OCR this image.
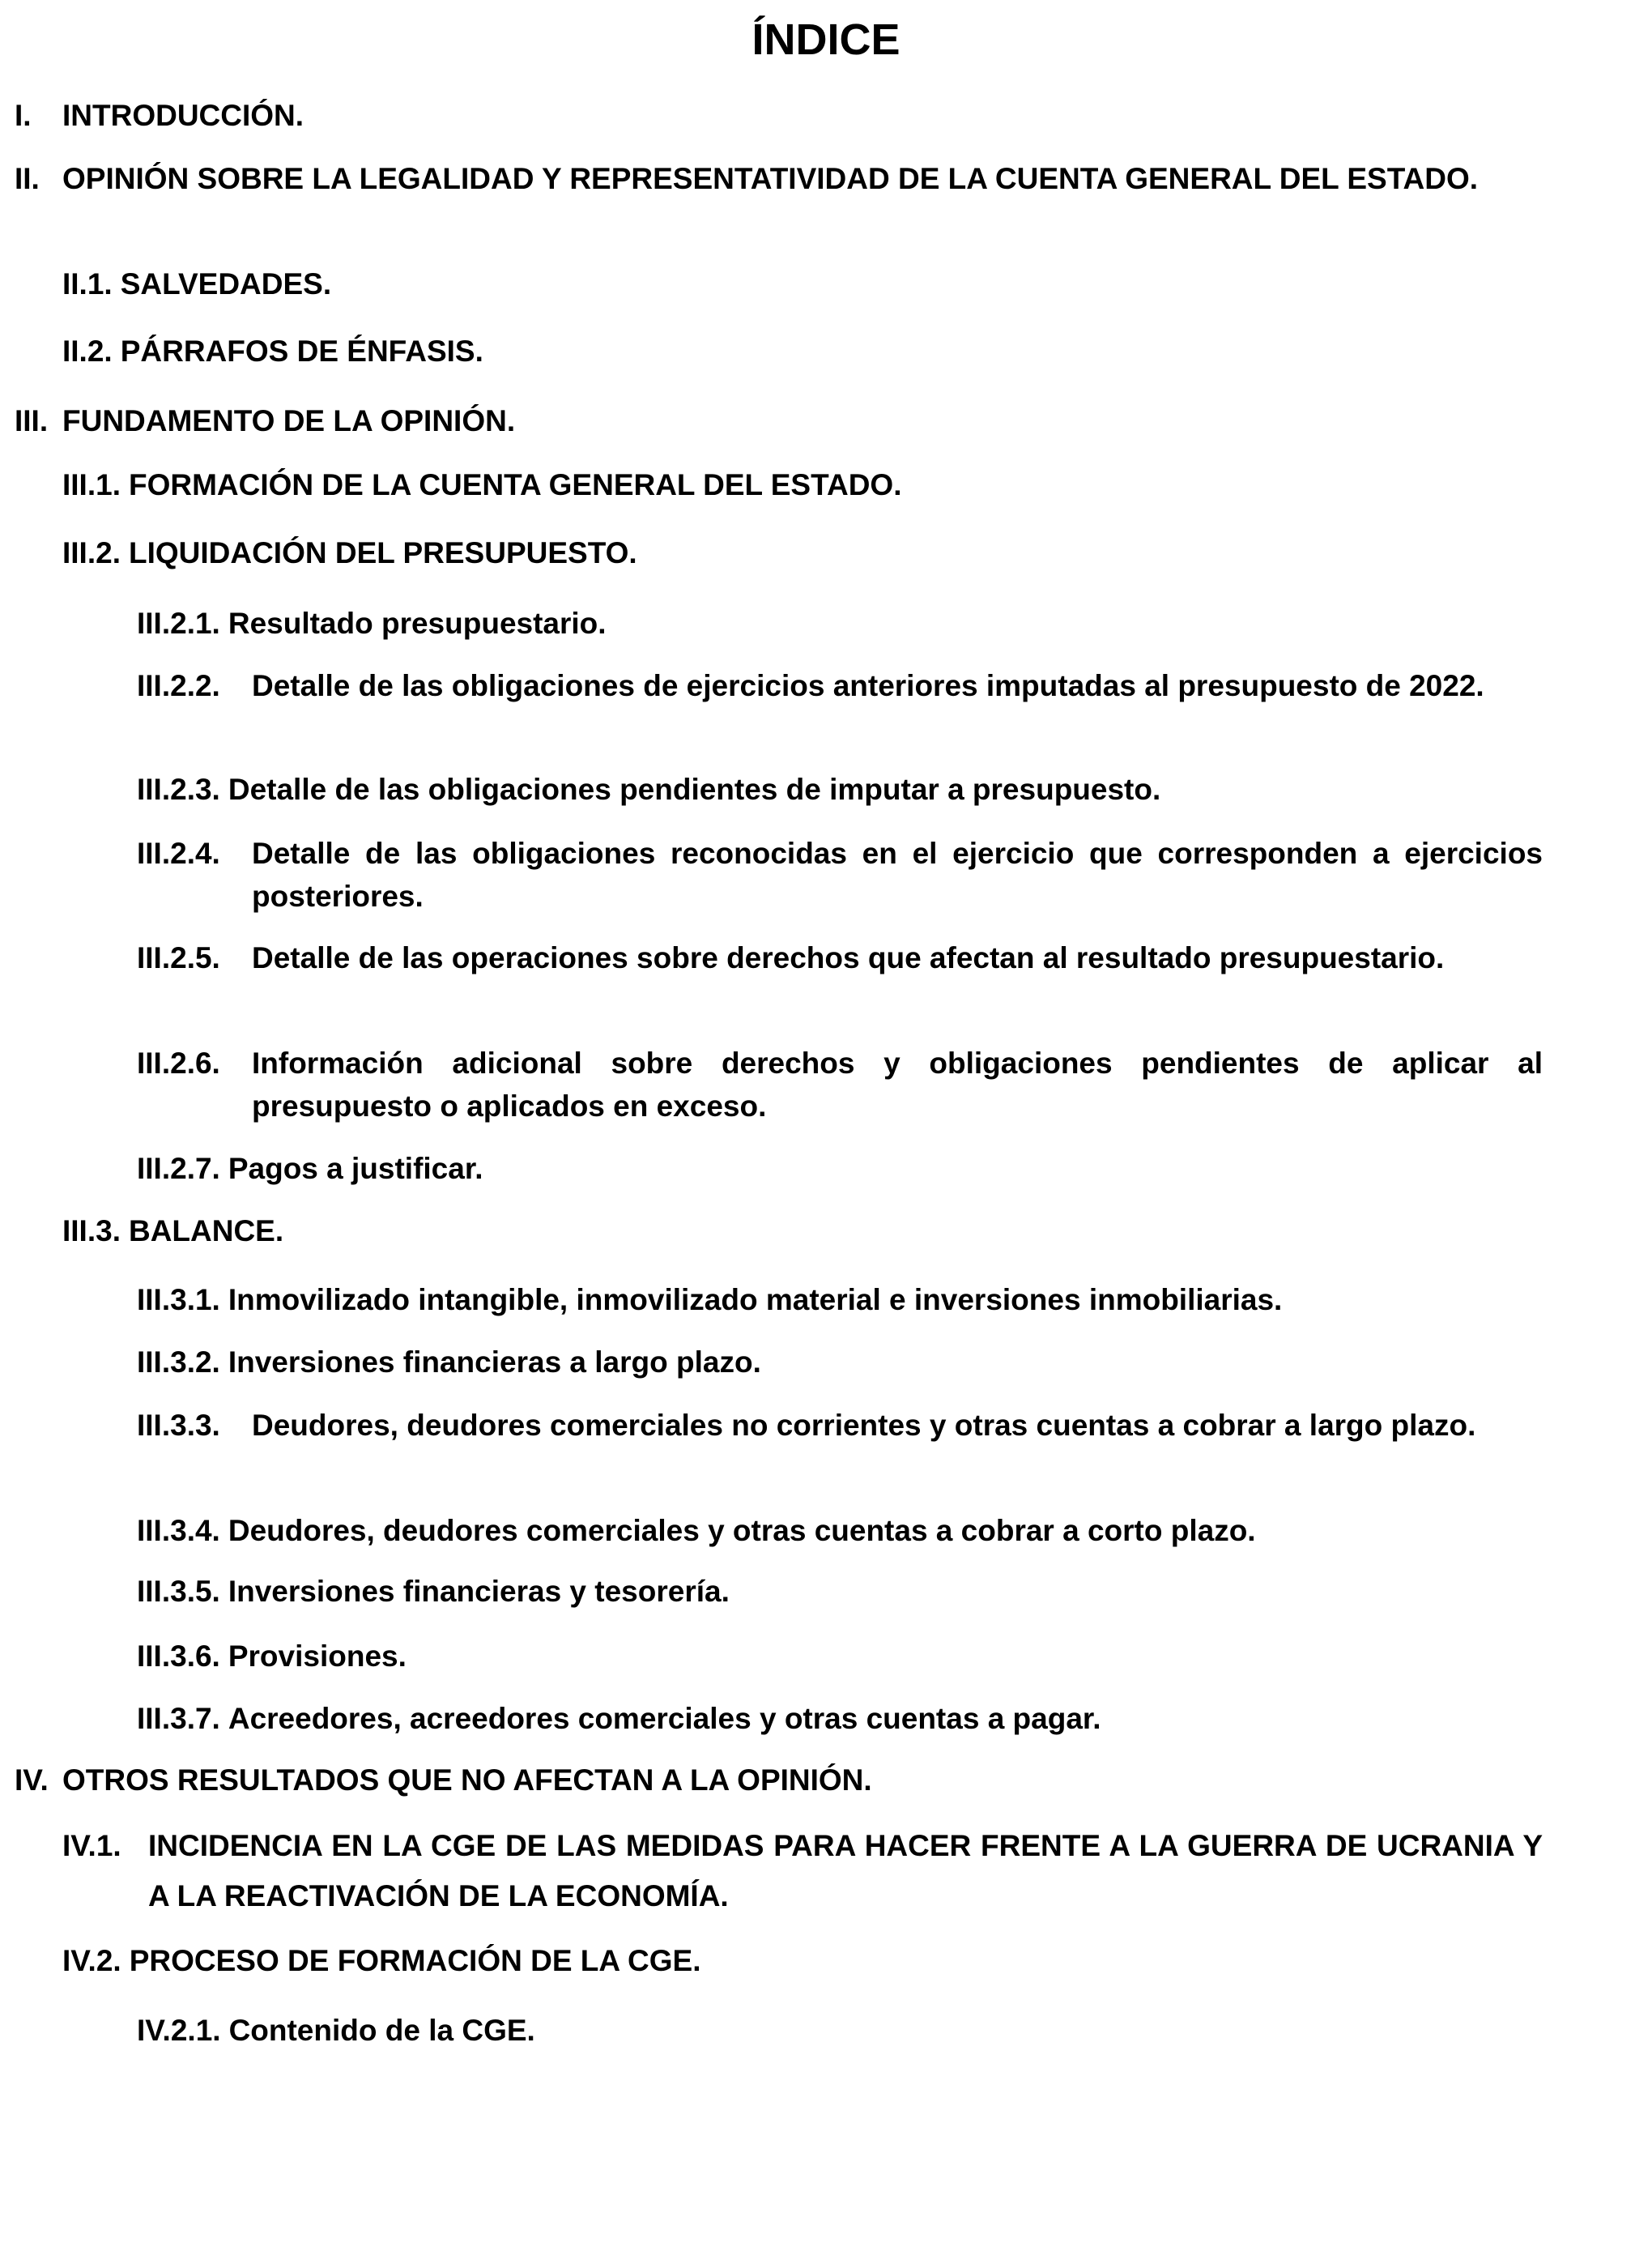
ÍNDICE
I. INTRODUCCIÓN.
II. OPINIÓN SOBRE LA LEGALIDAD Y REPRESENTATIVIDAD DE LA CUENTA GENERAL DEL ESTADO.
II.1. SALVEDADES.
II.2. PÁRRAFOS DE ÉNFASIS.
III. FUNDAMENTO DE LA OPINIÓN.
III.1. FORMACIÓN DE LA CUENTA GENERAL DEL ESTADO.
III.2. LIQUIDACIÓN DEL PRESUPUESTO.
III.2.1. Resultado presupuestario.
III.2.2. Detalle de las obligaciones de ejercicios anteriores imputadas al presupuesto de 2022.
III.2.3. Detalle de las obligaciones pendientes de imputar a presupuesto.
III.2.4. Detalle de las obligaciones reconocidas en el ejercicio que corresponden a ejercicios posteriores.
III.2.5. Detalle de las operaciones sobre derechos que afectan al resultado presupuestario.
III.2.6. Información adicional sobre derechos y obligaciones pendientes de aplicar al presupuesto o aplicados en exceso.
III.2.7. Pagos a justificar.
III.3. BALANCE.
III.3.1. Inmovilizado intangible, inmovilizado material e inversiones inmobiliarias.
III.3.2. Inversiones financieras a largo plazo.
III.3.3. Deudores, deudores comerciales no corrientes y otras cuentas a cobrar a largo plazo.
III.3.4. Deudores, deudores comerciales y otras cuentas a cobrar a corto plazo.
III.3.5. Inversiones financieras y tesorería.
III.3.6. Provisiones.
III.3.7. Acreedores, acreedores comerciales y otras cuentas a pagar.
IV. OTROS RESULTADOS QUE NO AFECTAN A LA OPINIÓN.
IV.1. INCIDENCIA EN LA CGE DE LAS MEDIDAS PARA HACER FRENTE A LA GUERRA DE UCRANIA Y A LA REACTIVACIÓN DE LA ECONOMÍA.
IV.2. PROCESO DE FORMACIÓN DE LA CGE.
IV.2.1. Contenido de la CGE.
